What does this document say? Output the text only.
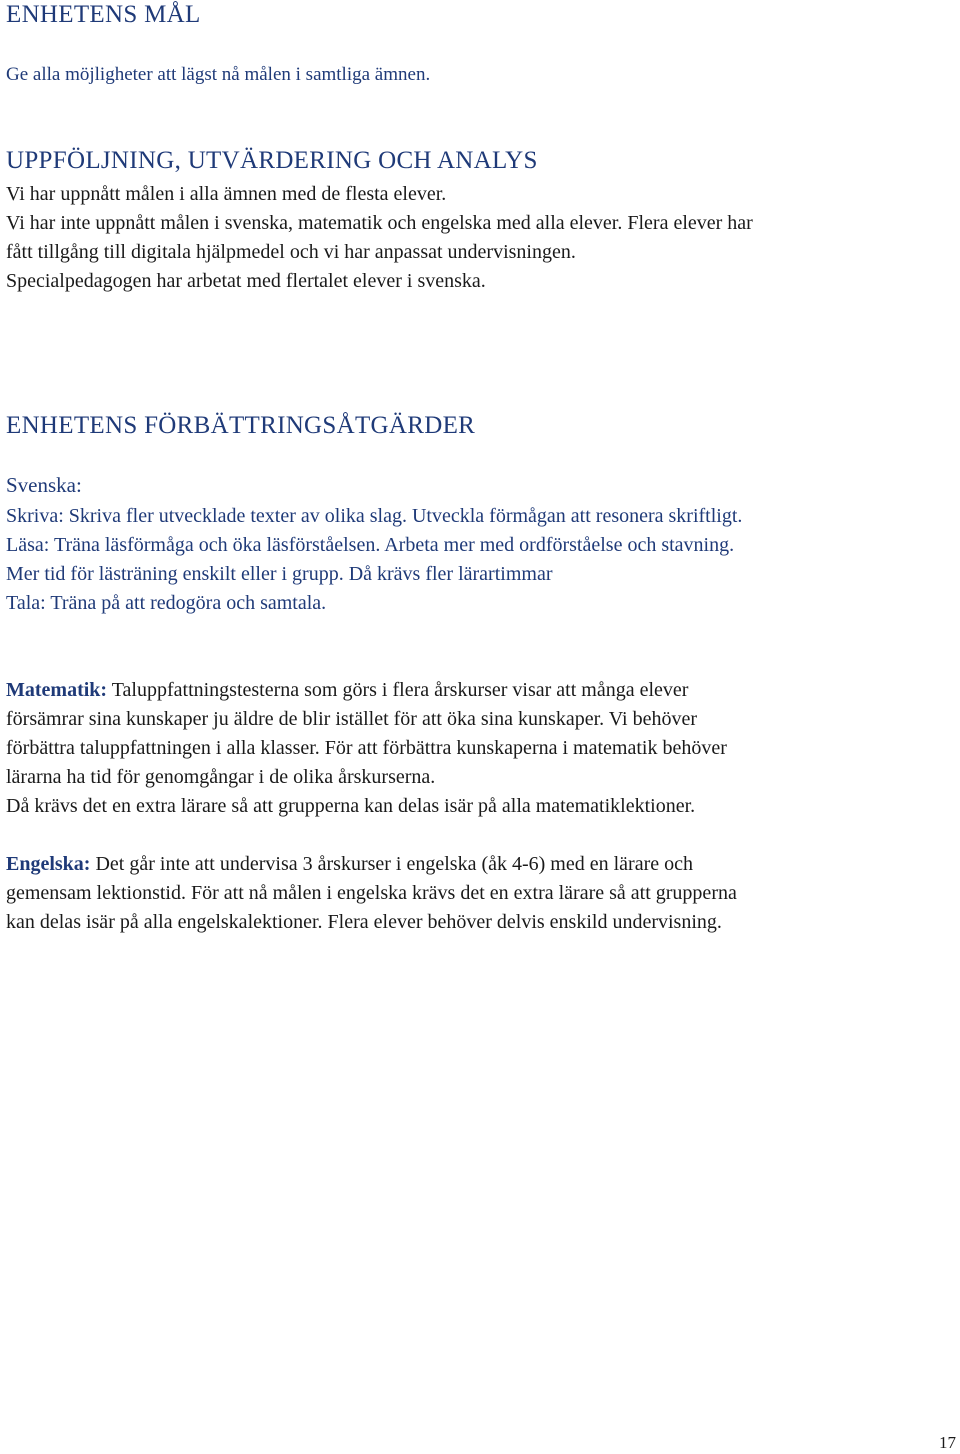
ENHETENS MÅL
Ge alla möjligheter att lägst nå målen i samtliga ämnen.
UPPFÖLJNING, UTVÄRDERING OCH ANALYS
Vi har uppnått målen i alla ämnen med de flesta elever.
Vi har inte uppnått målen i svenska, matematik och engelska med alla elever. Flera elever har
fått tillgång till digitala hjälpmedel och vi har anpassat undervisningen.
Specialpedagogen har arbetat med flertalet elever i svenska.
ENHETENS FÖRBÄTTRINGSÅTGÄRDER
Svenska:
Skriva: Skriva fler utvecklade texter av olika slag. Utveckla förmågan att resonera skriftligt.
Läsa: Träna läsförmåga och öka läsförståelsen. Arbeta mer med ordförståelse och stavning.
Mer tid för lästräning enskilt eller i grupp. Då krävs fler lärartimmar
Tala: Träna på att redogöra och samtala.
Matematik: Taluppfattningstesterna som görs i flera årskurser visar att många elever
försämrar sina kunskaper ju äldre de blir istället för att öka sina kunskaper. Vi behöver
förbättra taluppfattningen i alla klasser. För att förbättra kunskaperna i matematik behöver
lärarna ha tid för genomgångar i de olika årskurserna.
Då krävs det en extra lärare så att grupperna kan delas isär på alla matematiklektioner.
Engelska: Det går inte att undervisa 3 årskurser i engelska (åk 4-6) med en lärare och
gemensam lektionstid. För att nå målen i engelska krävs det en extra lärare så att grupperna
kan delas isär på alla engelskalektioner. Flera elever behöver delvis enskild undervisning.
17
